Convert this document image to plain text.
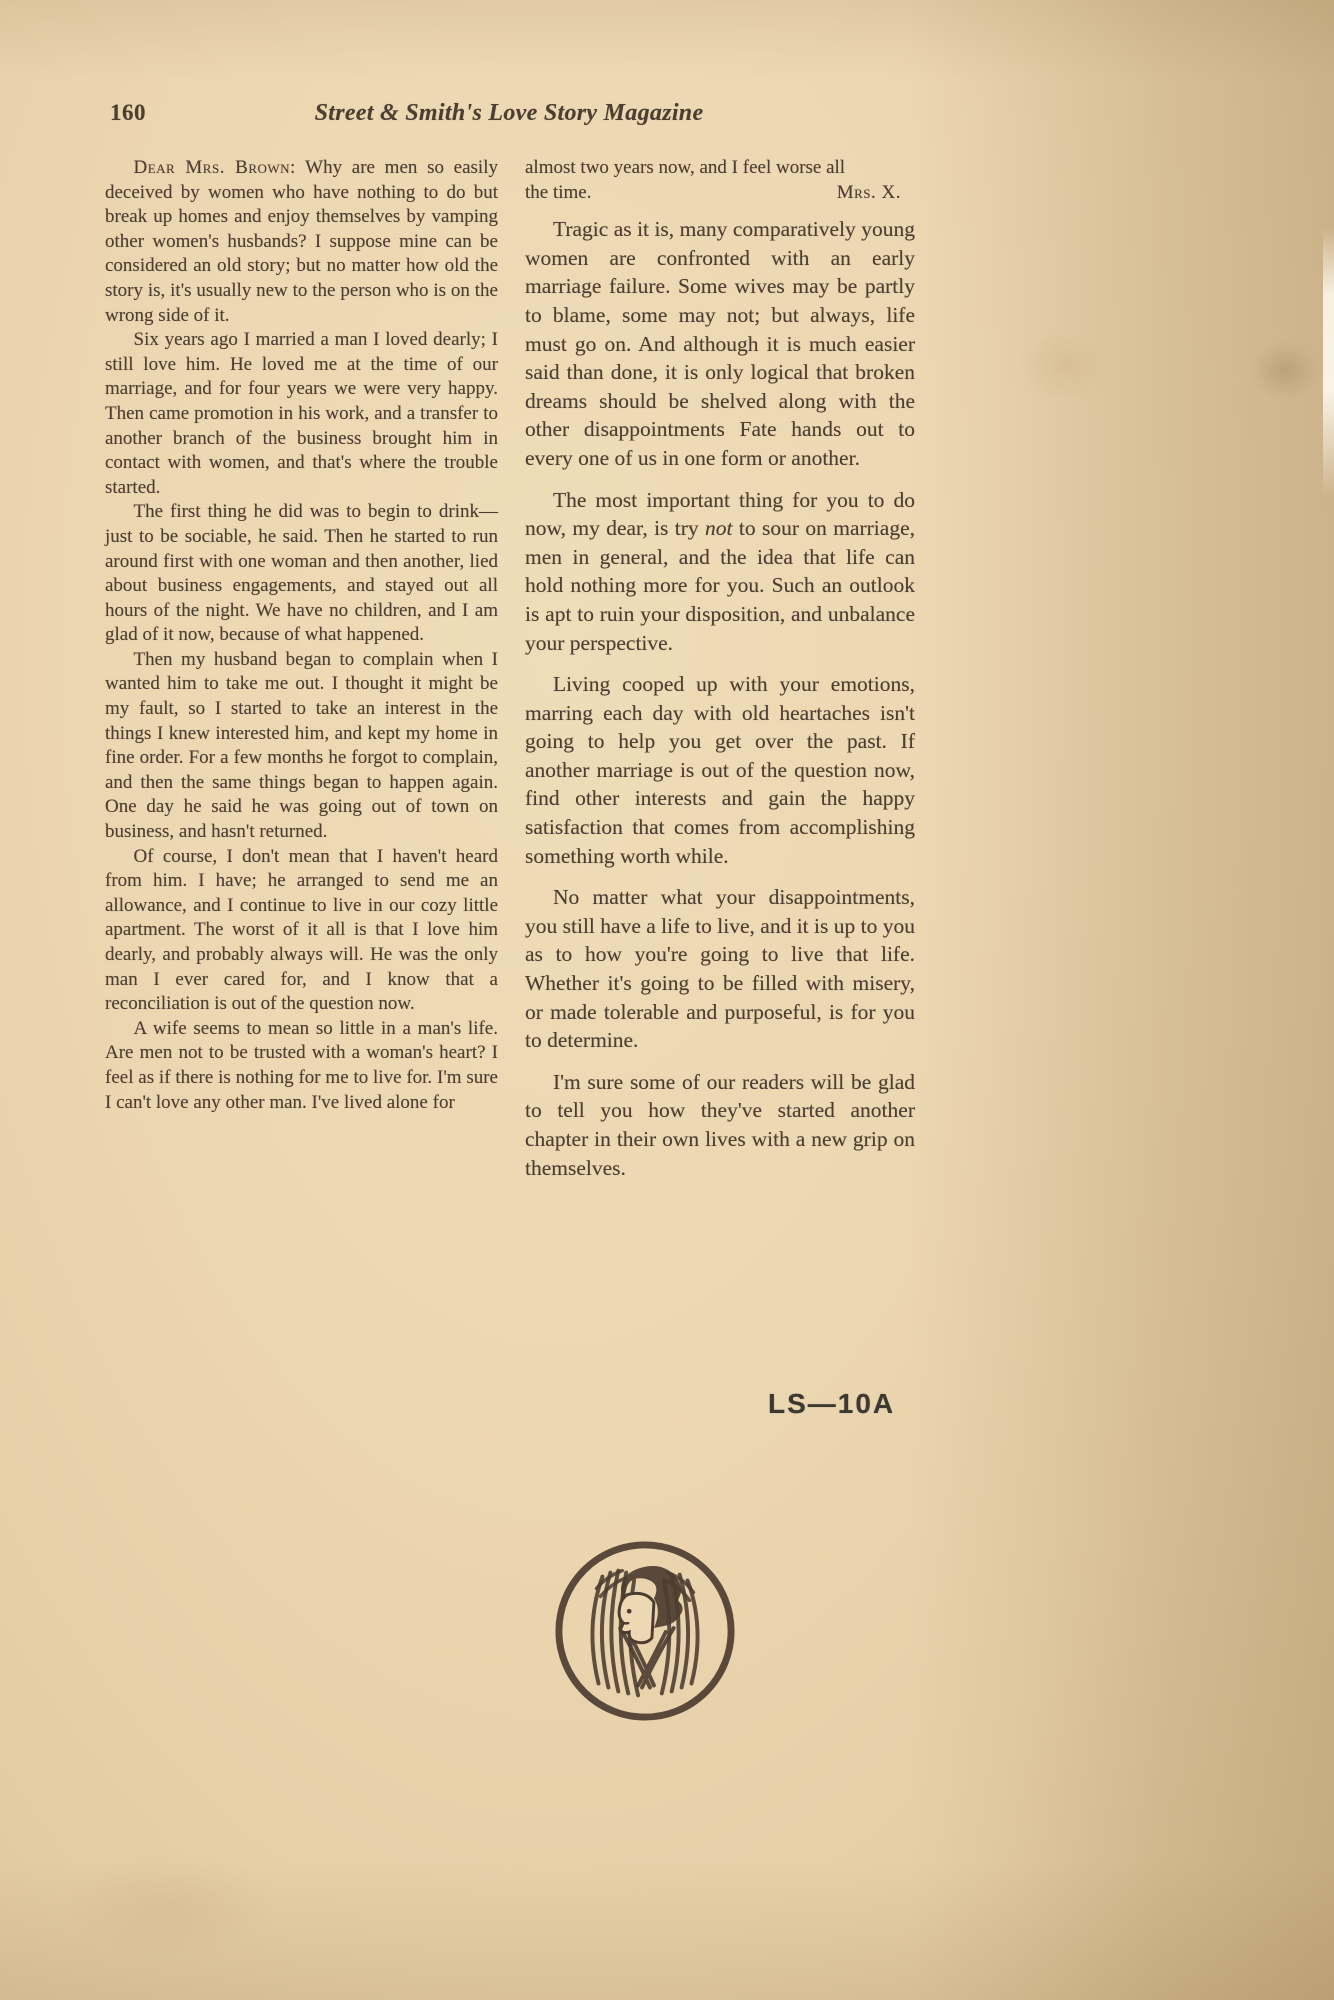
160	Street & Smith's Love Story Magazine

Dear Mrs. Brown: Why are men so easily deceived by women who have nothing to do but break up homes and enjoy themselves by vamping other women's husbands? I suppose mine can be considered an old story; but no matter how old the story is, it's usually new to the person who is on the wrong side of it.

Six years ago I married a man I loved dearly; I still love him. He loved me at the time of our marriage, and for four years we were very happy. Then came promotion in his work, and a transfer to another branch of the business brought him in contact with women, and that's where the trouble started.

The first thing he did was to begin to drink—just to be sociable, he said. Then he started to run around first with one woman and then another, lied about business engagements, and stayed out all hours of the night. We have no children, and I am glad of it now, because of what happened.

Then my husband began to complain when I wanted him to take me out. I thought it might be my fault, so I started to take an interest in the things I knew interested him, and kept my home in fine order. For a few months he forgot to complain, and then the same things began to happen again. One day he said he was going out of town on business, and hasn't returned.

Of course, I don't mean that I haven't heard from him. I have; he arranged to send me an allowance, and I continue to live in our cozy little apartment. The worst of it all is that I love him dearly, and probably always will. He was the only man I ever cared for, and I know that a reconciliation is out of the question now.

A wife seems to mean so little in a man's life. Are men not to be trusted with a woman's heart? I feel as if there is nothing for me to live for. I'm sure I can't love any other man. I've lived alone for

almost two years now, and I feel worse all

the time.	Mrs. X.

Tragic as it is, many comparatively young women are confronted with an early marriage failure. Some wives may be partly to blame, some may not; but always, life must go on. And although it is much easier said than done, it is only logical that broken dreams should be shelved along with the other disappointments Fate hands out to every one of us in one form or another.

The most important thing for you to do now, my dear, is try not to sour on marriage, men in general, and the idea that life can hold nothing more for you. Such an outlook is apt to ruin your disposition, and unbalance your perspective.

Living cooped up with your emotions, marring each day with old heartaches isn't going to help you get over the past. If another marriage is out of the question now, find other interests and gain the happy satisfaction that comes from accomplishing something worth while.

No matter what your disappointments, you still have a life to live, and it is up to you as to how you're going to live that life. Whether it's going to be filled with misery, or made tolerable and purposeful, is for you to determine.

I'm sure some of our readers will be glad to tell you how they've started another chapter in their own lives with a new grip on themselves.

LS—10A
